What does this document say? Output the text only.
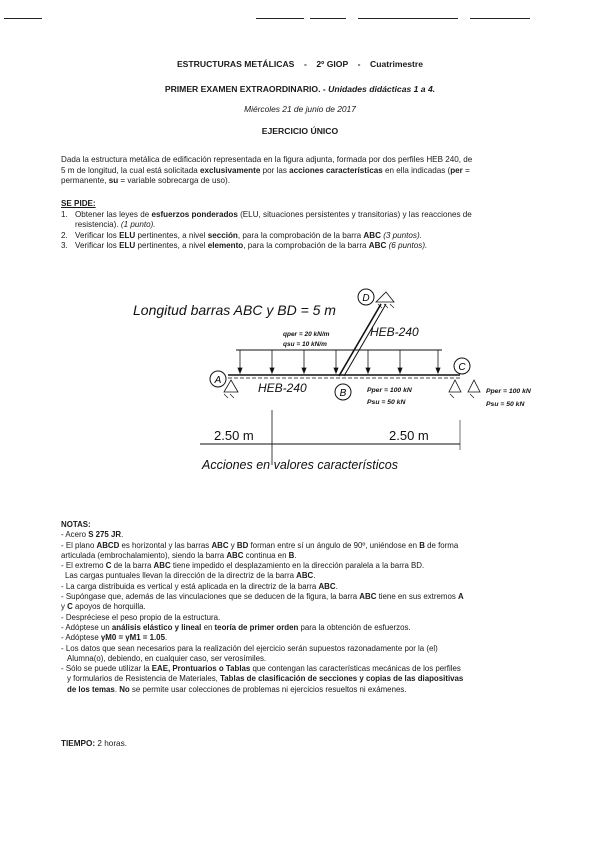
ESTRUCTURAS METÁLICAS - 2º GIOP - Cuatrimestre
PRIMER EXAMEN EXTRAORDINARIO. - Unidades didácticas 1 a 4.
Miércoles 21 de junio de 2017
EJERCICIO ÚNICO
Dada la estructura metálica de edificación representada en la figura adjunta, formada por dos perfiles HEB 240, de
5 m de longitud, la cual está solicitada exclusivamente por las acciones características en ella indicadas (per =
permanente, su = variable sobrecarga de uso).
SE PIDE:
1. Obtener las leyes de esfuerzos ponderados (ELU, situaciones persistentes y transitorias) y las reacciones de
resistencia). (1 punto).
2. Verificar los ELU pertinentes, a nivel sección, para la comprobación de la barra ABC (3 puntos).
3. Verificar los ELU pertinentes, a nivel elemento, para la comprobación de la barra ABC (6 puntos).
Longitud barras ABC y BD = 5 m
HEB-240
D
qper = 20 kN/m
qsu = 10 kN/m
HEB-240
A
B	Pper = 100 kN
Psu = 50 kN
C
Pper = 100 kN
Psu = 50 kN
2.50 m	2.50 m
Acciones en valores característicos
NOTAS:
- Acero S 275 JR.
- El plano ABCD es horizontal y las barras ABC y BD forman entre sí un ángulo de 90º, uniéndose en B de forma
articulada (embrochalamiento), siendo la barra ABC continua en B.
- El extremo C de la barra ABC tiene impedido el desplazamiento en la dirección paralela a la barra BD.
Las cargas puntuales llevan la dirección de la directriz de la barra ABC.
- La carga distribuida es vertical y está aplicada en la directriz de la barra ABC.
- Supóngase que, además de las vinculaciones que se deducen de la figura, la barra ABC tiene en sus extremos A
y C apoyos de horquilla.
- Despréciese el peso propio de la estructura.
- Adóptese un análisis elástico y lineal en teoría de primer orden para la obtención de esfuerzos.
- Adóptese γM0 = γM1 = 1.05.
- Los datos que sean necesarios para la realización del ejercicio serán supuestos razonadamente por la (el)
Alumna(o), debiendo, en cualquier caso, ser verosímiles.
- Sólo se puede utilizar la EAE, Prontuarios o Tablas que contengan las características mecánicas de los perfiles
y formularios de Resistencia de Materiales, Tablas de clasificación de secciones y copias de las diapositivas
de los temas. No se permite usar colecciones de problemas ni ejercicios resueltos ni exámenes.
TIEMPO: 2 horas.
